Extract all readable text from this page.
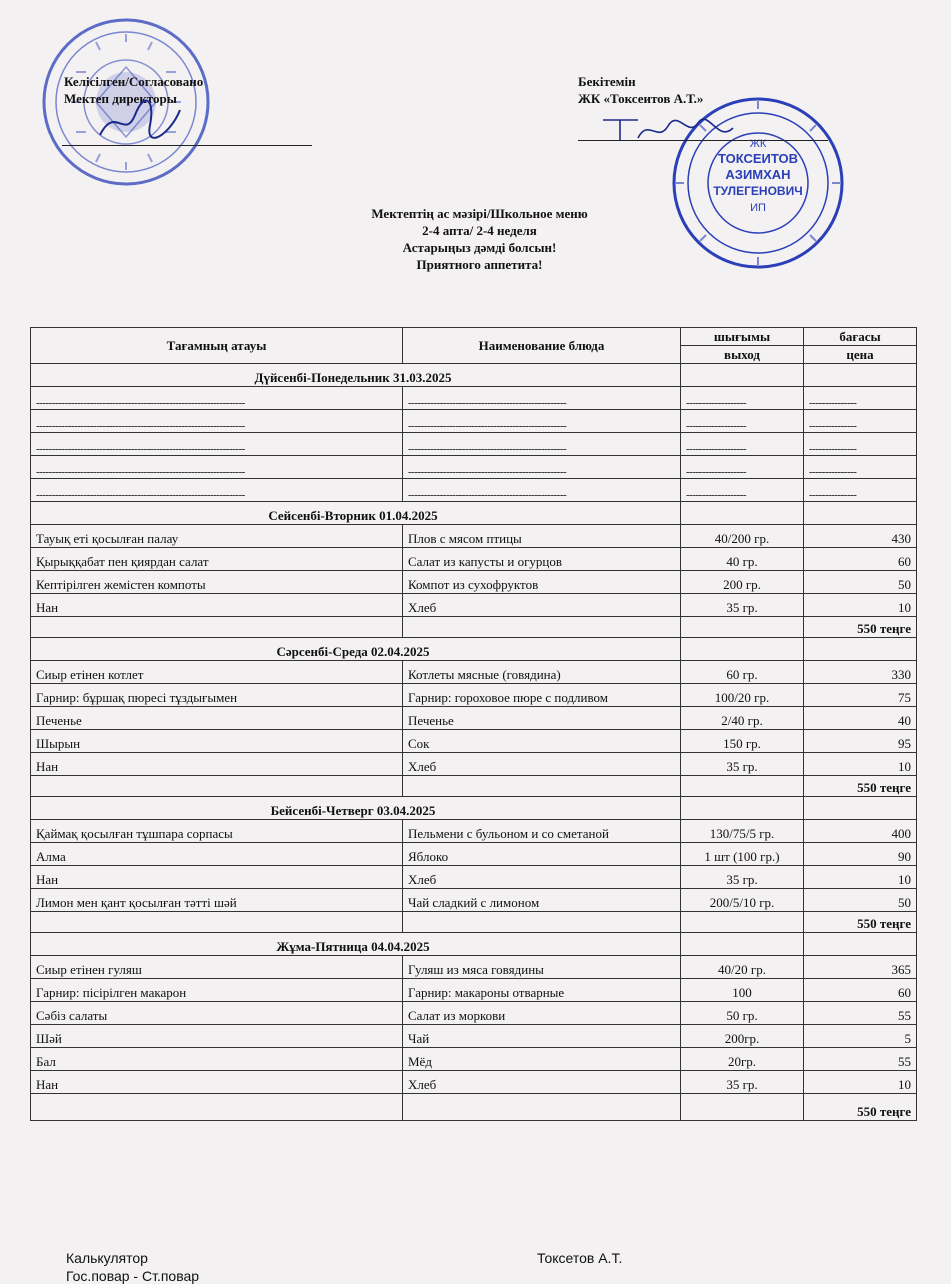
ЖК
ТОКСЕИТОВ
АЗИМХАН
ТУЛЕГЕНОВИЧ
ИП
Келісілген/Согласовано
Мектеп директоры
Бекітемін
ЖК «Токсеитов А.Т.»
Мектептің ас мәзірі/Школьное меню
2-4 апта/ 2-4 неделя
Астарыңыз дәмді болсын!
Приятного аппетита!
Тағамның атауы	Наименование блюда	шығымы	бағасы
		выход	цена
Дүйсенбі-Понедельник 31.03.2025			
------------------------------------------------------------------	--------------------------------------------------	-------------------	---------------
------------------------------------------------------------------	--------------------------------------------------	-------------------	---------------
------------------------------------------------------------------	--------------------------------------------------	-------------------	---------------
------------------------------------------------------------------	--------------------------------------------------	-------------------	---------------
------------------------------------------------------------------	--------------------------------------------------	-------------------	---------------
Сейсенбі-Вторник 01.04.2025			
Тауық еті қосылған палау	Плов с мясом птицы	40/200 гр.	430
Қырыққабат пен қиярдан салат	Салат из капусты и огурцов	40 гр.	60
Кептірілген жемістен компоты	Компот из сухофруктов	200 гр.	50
Нан	Хлеб	35 гр.	10
			550 теңге
Сәрсенбі-Среда 02.04.2025			
Сиыр етінен котлет	Котлеты мясные (говядина)	60 гр.	330
Гарнир: бұршақ пюресі тұздығымен	Гарнир: гороховое пюре с подливом	100/20 гр.	75
Печенье	Печенье	2/40 гр.	40
Шырын	Сок	150 гр.	95
Нан	Хлеб	35 гр.	10
			550 теңге
Бейсенбі-Четверг 03.04.2025			
Қаймақ қосылған тұшпара сорпасы	Пельмени с бульоном и со сметаной	130/75/5 гр.	400
Алма	Яблоко	1 шт (100 гр.)	90
Нан	Хлеб	35 гр.	10
Лимон мен қант қосылған тәтті шәй	Чай сладкий с лимоном	200/5/10 гр.	50
			550 теңге
Жұма-Пятница 04.04.2025			
Сиыр етінен гуляш	Гуляш из мяса говядины	40/20 гр.	365
Гарнир: пісірілген макарон	Гарнир: макароны отварные	100	60
Сәбіз салаты	Салат из моркови	50 гр.	55
Шәй	Чай	200гр.	5
Бал	Мёд	20гр.	55
Нан	Хлеб	35 гр.	10
			550 теңге
Калькулятор	Токсетов А.Т.
Гос.повар - Ст.повар
